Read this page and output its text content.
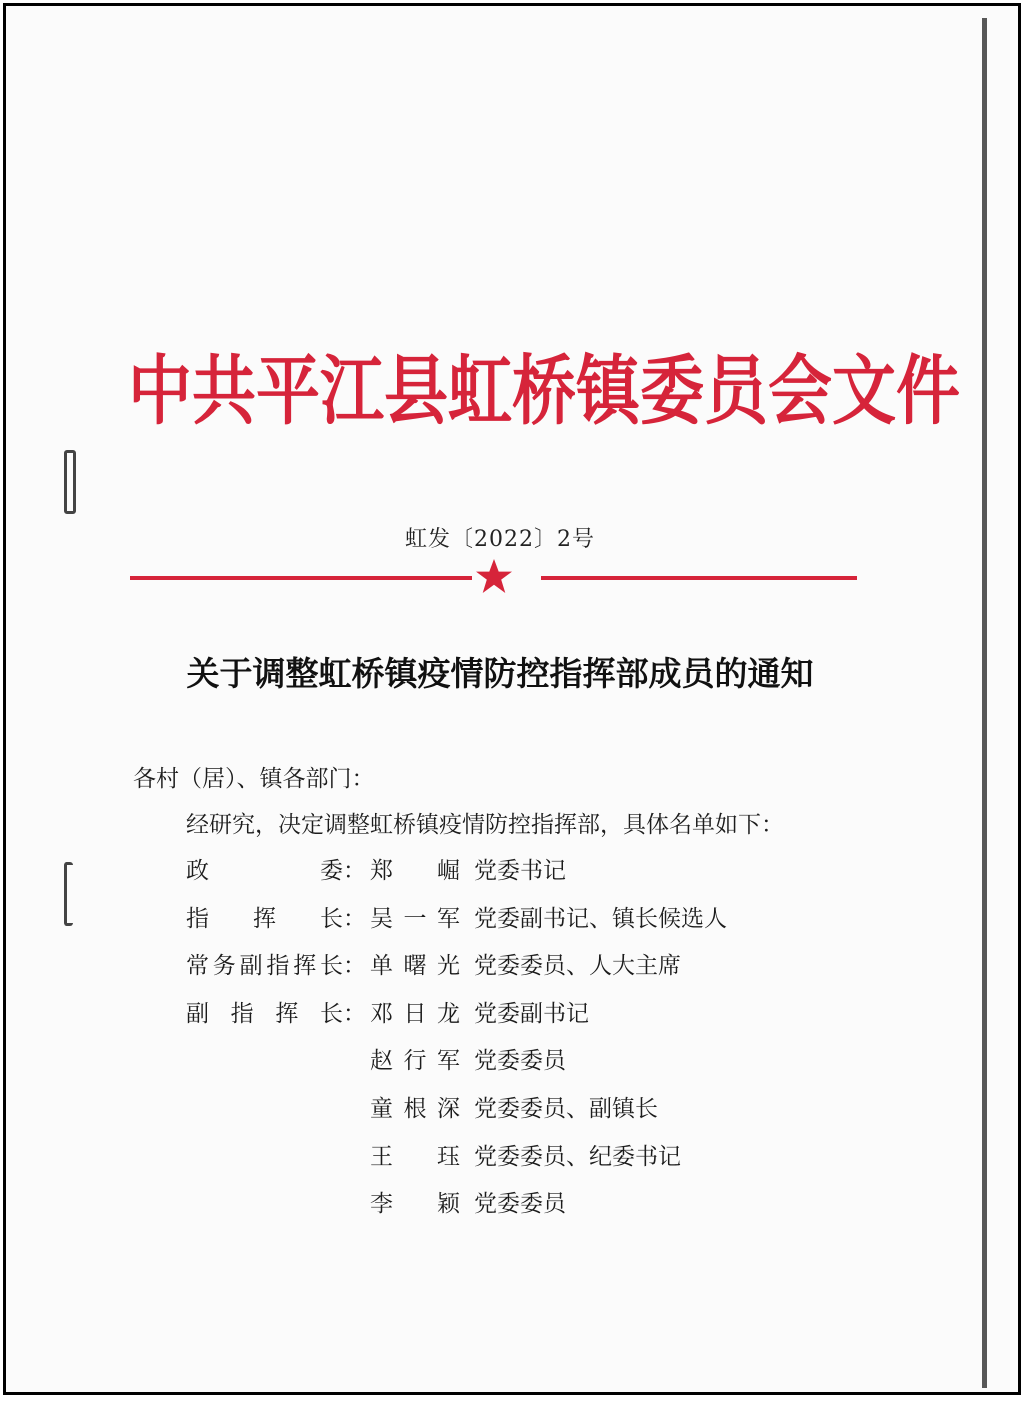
中共平江县虹桥镇委员会文件
虹发〔2022〕2号
关于调整虹桥镇疫情防控指挥部成员的通知
各村（居）、镇各部门：
经研究，决定调整虹桥镇疫情防控指挥部，具体名单如下：
政	委： 郑 崛 党委书记
指 挥 长： 吴 一 军 党委副书记、镇长候选人
常 务 副 指 挥 长： 单 曙 光 党委委员、人大主席
副 指 挥 长： 邓 日 龙 党委副书记
赵 行 军 党委委员
童 根 深 党委委员、副镇长
王 珏 党委委员、纪委书记
李 颖 党委委员
